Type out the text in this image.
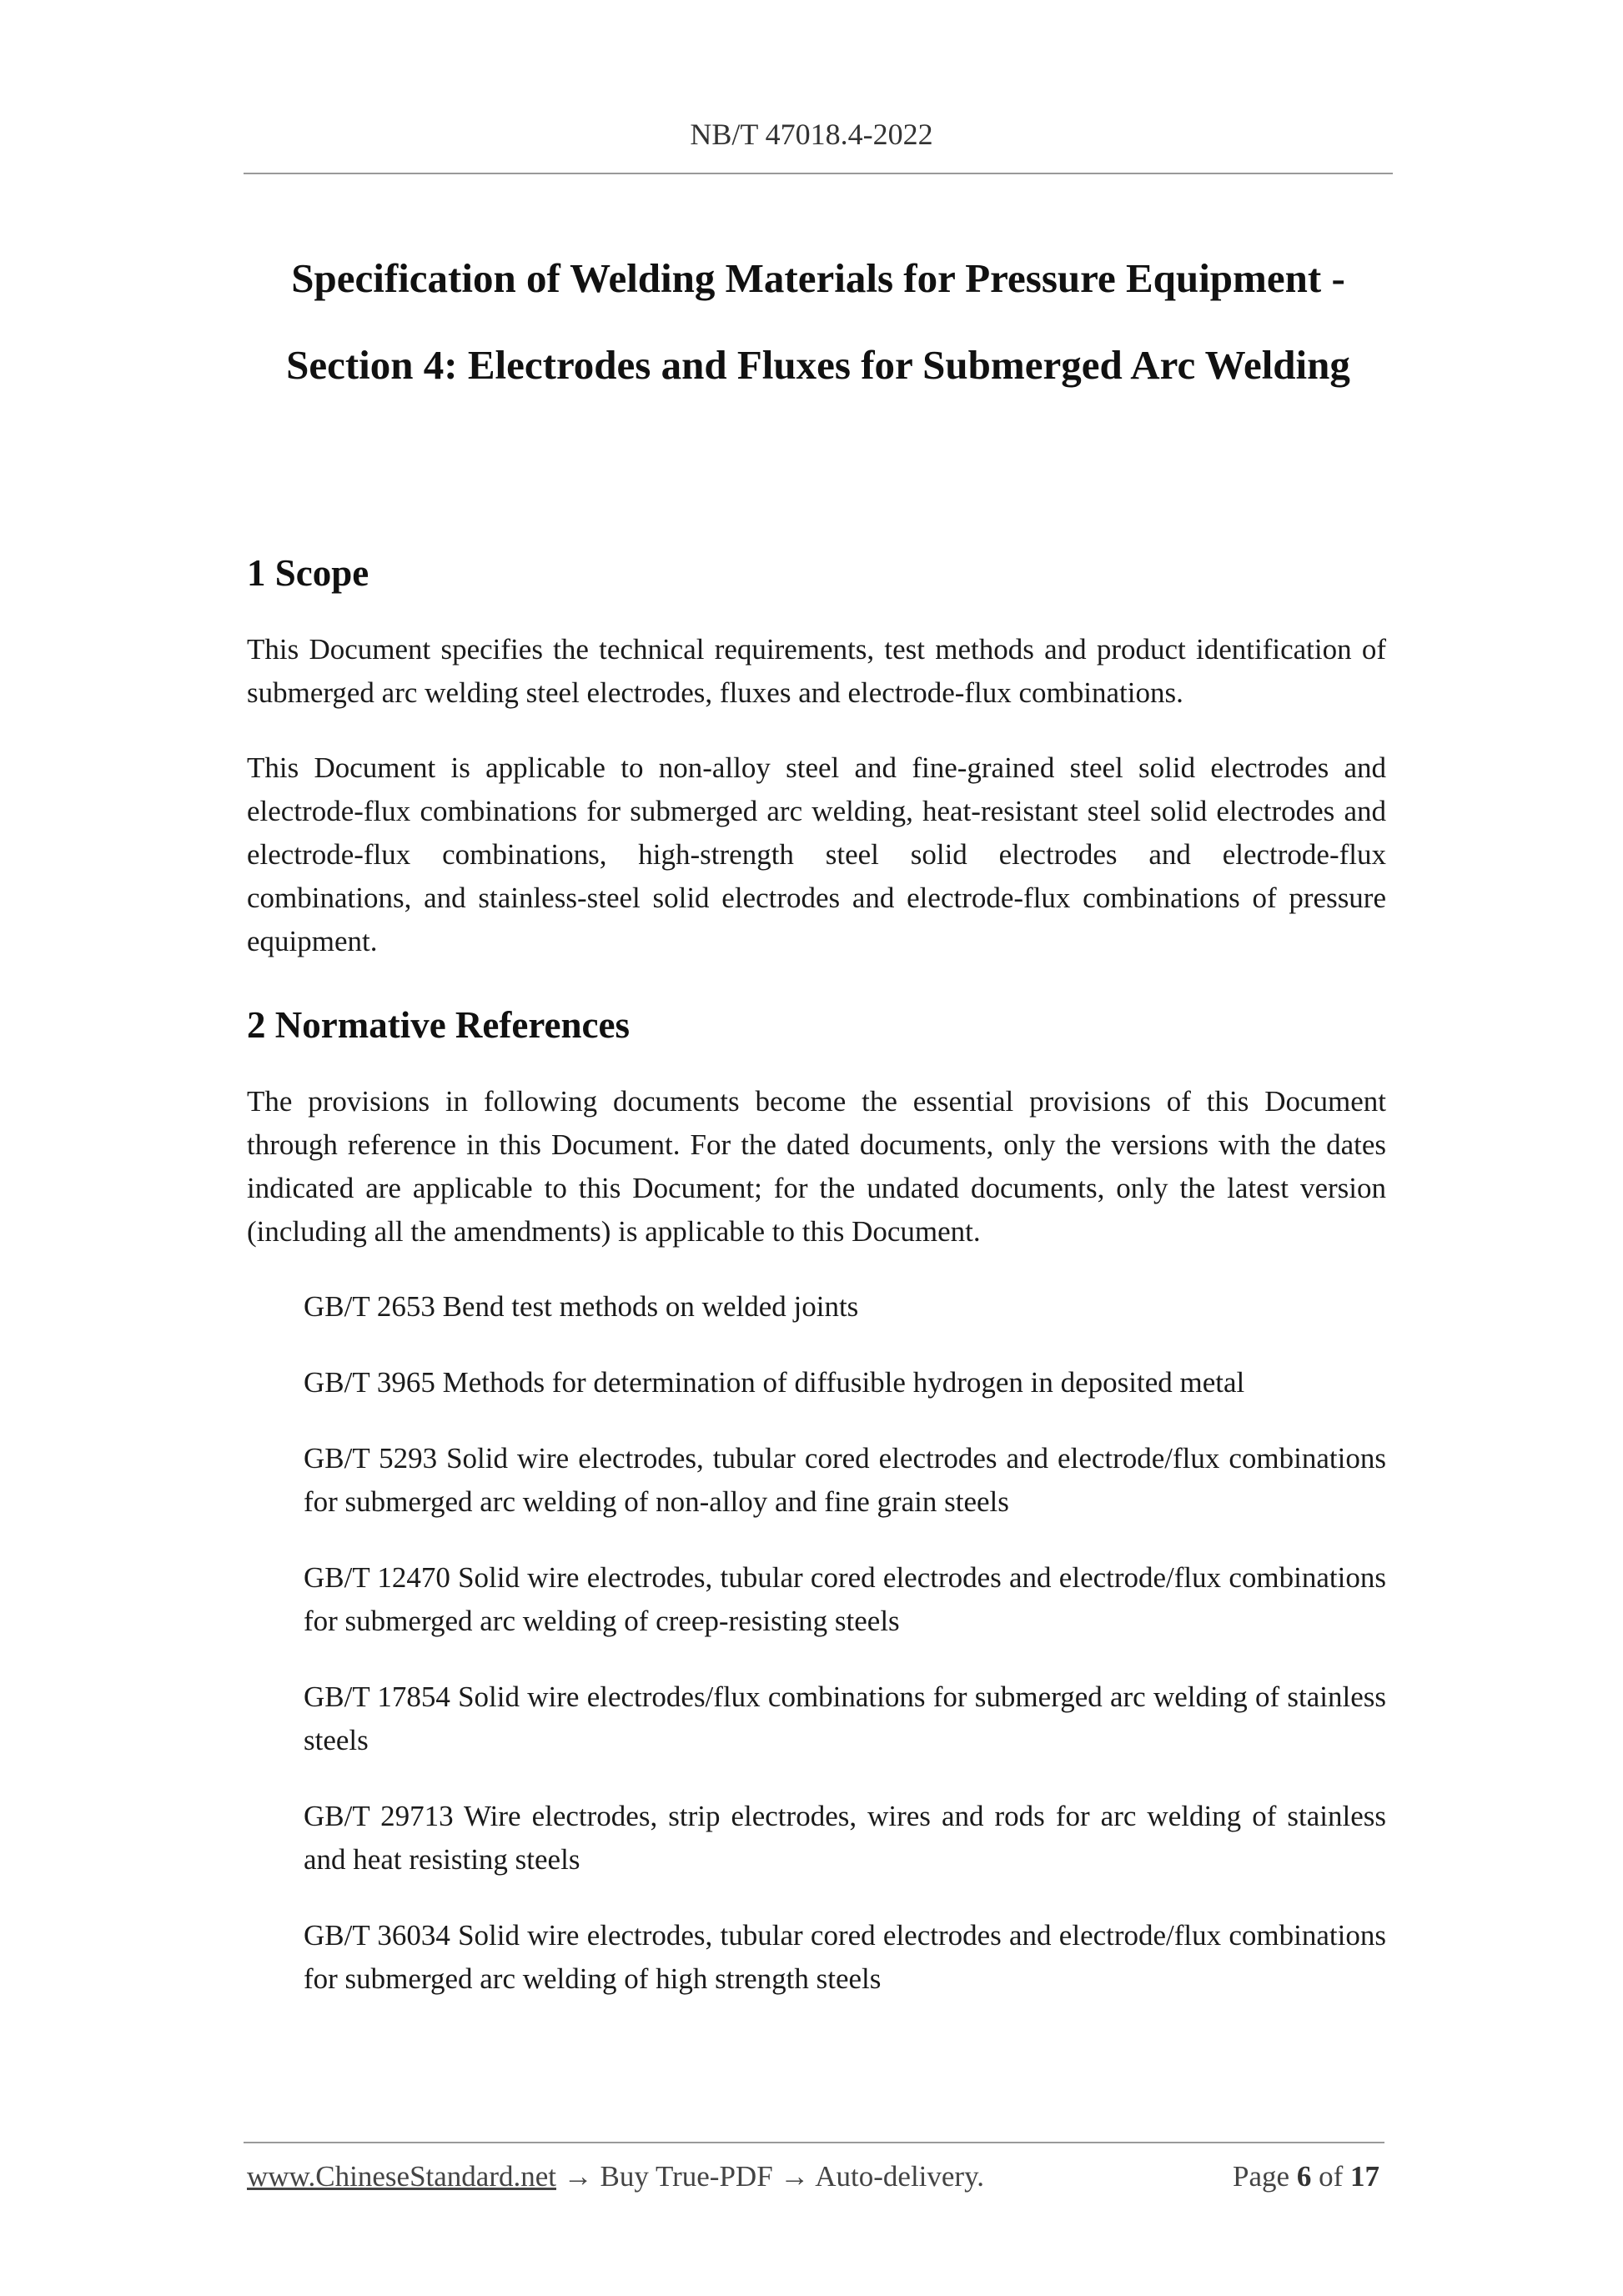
NB/T 47018.4-2022
Specification of Welding Materials for Pressure Equipment -
Section 4: Electrodes and Fluxes for Submerged Arc Welding
1 Scope

This Document specifies the technical requirements, test methods and product identification of submerged arc welding steel electrodes, fluxes and electrode-flux combinations.

This Document is applicable to non-alloy steel and fine-grained steel solid electrodes and electrode-flux combinations for submerged arc welding, heat-resistant steel solid electrodes and electrode-flux combinations, high-strength steel solid electrodes and electrode-flux combinations, and stainless-steel solid electrodes and electrode-flux combinations of pressure equipment.

2 Normative References

The provisions in following documents become the essential provisions of this Document through reference in this Document. For the dated documents, only the versions with the dates indicated are applicable to this Document; for the undated documents, only the latest version (including all the amendments) is applicable to this Document.

GB/T 2653 Bend test methods on welded joints
GB/T 3965 Methods for determination of diffusible hydrogen in deposited metal
GB/T 5293 Solid wire electrodes, tubular cored electrodes and electrode/flux combinations for submerged arc welding of non-alloy and fine grain steels
GB/T 12470 Solid wire electrodes, tubular cored electrodes and electrode/flux combinations for submerged arc welding of creep-resisting steels
GB/T 17854 Solid wire electrodes/flux combinations for submerged arc welding of stainless steels
GB/T 29713 Wire electrodes, strip electrodes, wires and rods for arc welding of stainless and heat resisting steels
GB/T 36034 Solid wire electrodes, tubular cored electrodes and electrode/flux combinations for submerged arc welding of high strength steels
www.ChineseStandard.net → Buy True-PDF → Auto-delivery.	Page 6 of 17
